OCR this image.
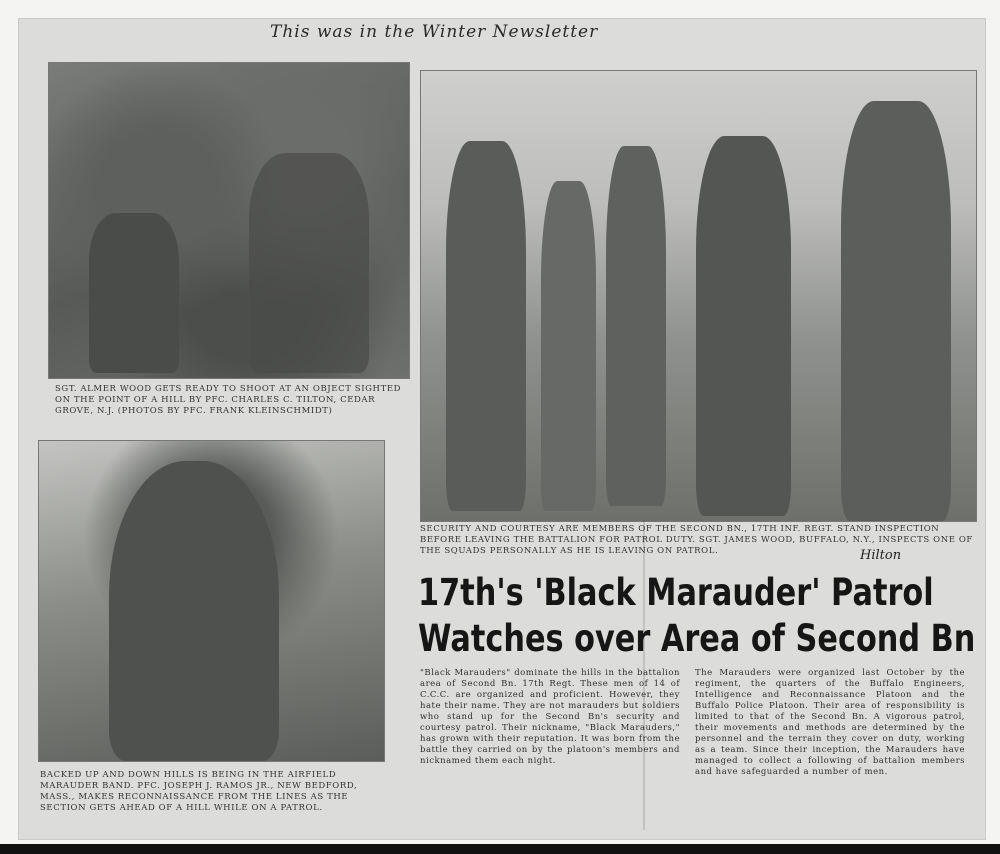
This was in the Winter Newsletter
SGT. ALMER WOOD GETS READY TO SHOOT AT AN OBJECT SIGHTED ON THE POINT OF A HILL BY PFC. CHARLES C. TILTON, CEDAR GROVE, N.J. (PHOTOS BY PFC. FRANK KLEINSCHMIDT)
SECURITY AND COURTESY ARE MEMBERS OF THE SECOND BN., 17TH INF. REGT. STAND INSPECTION BEFORE LEAVING THE BATTALION FOR PATROL DUTY. SGT. JAMES WOOD, BUFFALO, N.Y., INSPECTS ONE OF THE SQUADS PERSONALLY AS HE IS LEAVING ON PATROL.	Hilton
BACKED UP AND DOWN HILLS IS BEING IN THE AIRFIELD MARAUDER BAND. PFC. JOSEPH J. RAMOS JR., NEW BEDFORD, MASS., MAKES RECONNAISSANCE FROM THE LINES AS THE SECTION GETS AHEAD OF A HILL WHILE ON A PATROL.
17th's 'Black Marauder' Patrol
Watches over Area of Second Bn
"Black Marauders" dominate the hills in the battalion area of Second Bn. 17th Regt. These men of 14 of C.C.C. are organized and proficient. However, they hate their name. They are not marauders but soldiers who stand up for the Second Bn's security and courtesy patrol. Their nickname, "Black Marauders," has grown with their reputation. It was born from the battle they carried on by the platoon's members and nicknamed them each night.
The Marauders were organized last October by the regiment, the quarters of the Buffalo Engineers, Intelligence and Reconnaissance Platoon and the Buffalo Police Platoon. Their area of responsibility is limited to that of the Second Bn. A vigorous patrol, their movements and methods are determined by the personnel and the terrain they cover on duty, working as a team. Since their inception, the Marauders have managed to collect a following of battalion members and have safeguarded a number of men.
